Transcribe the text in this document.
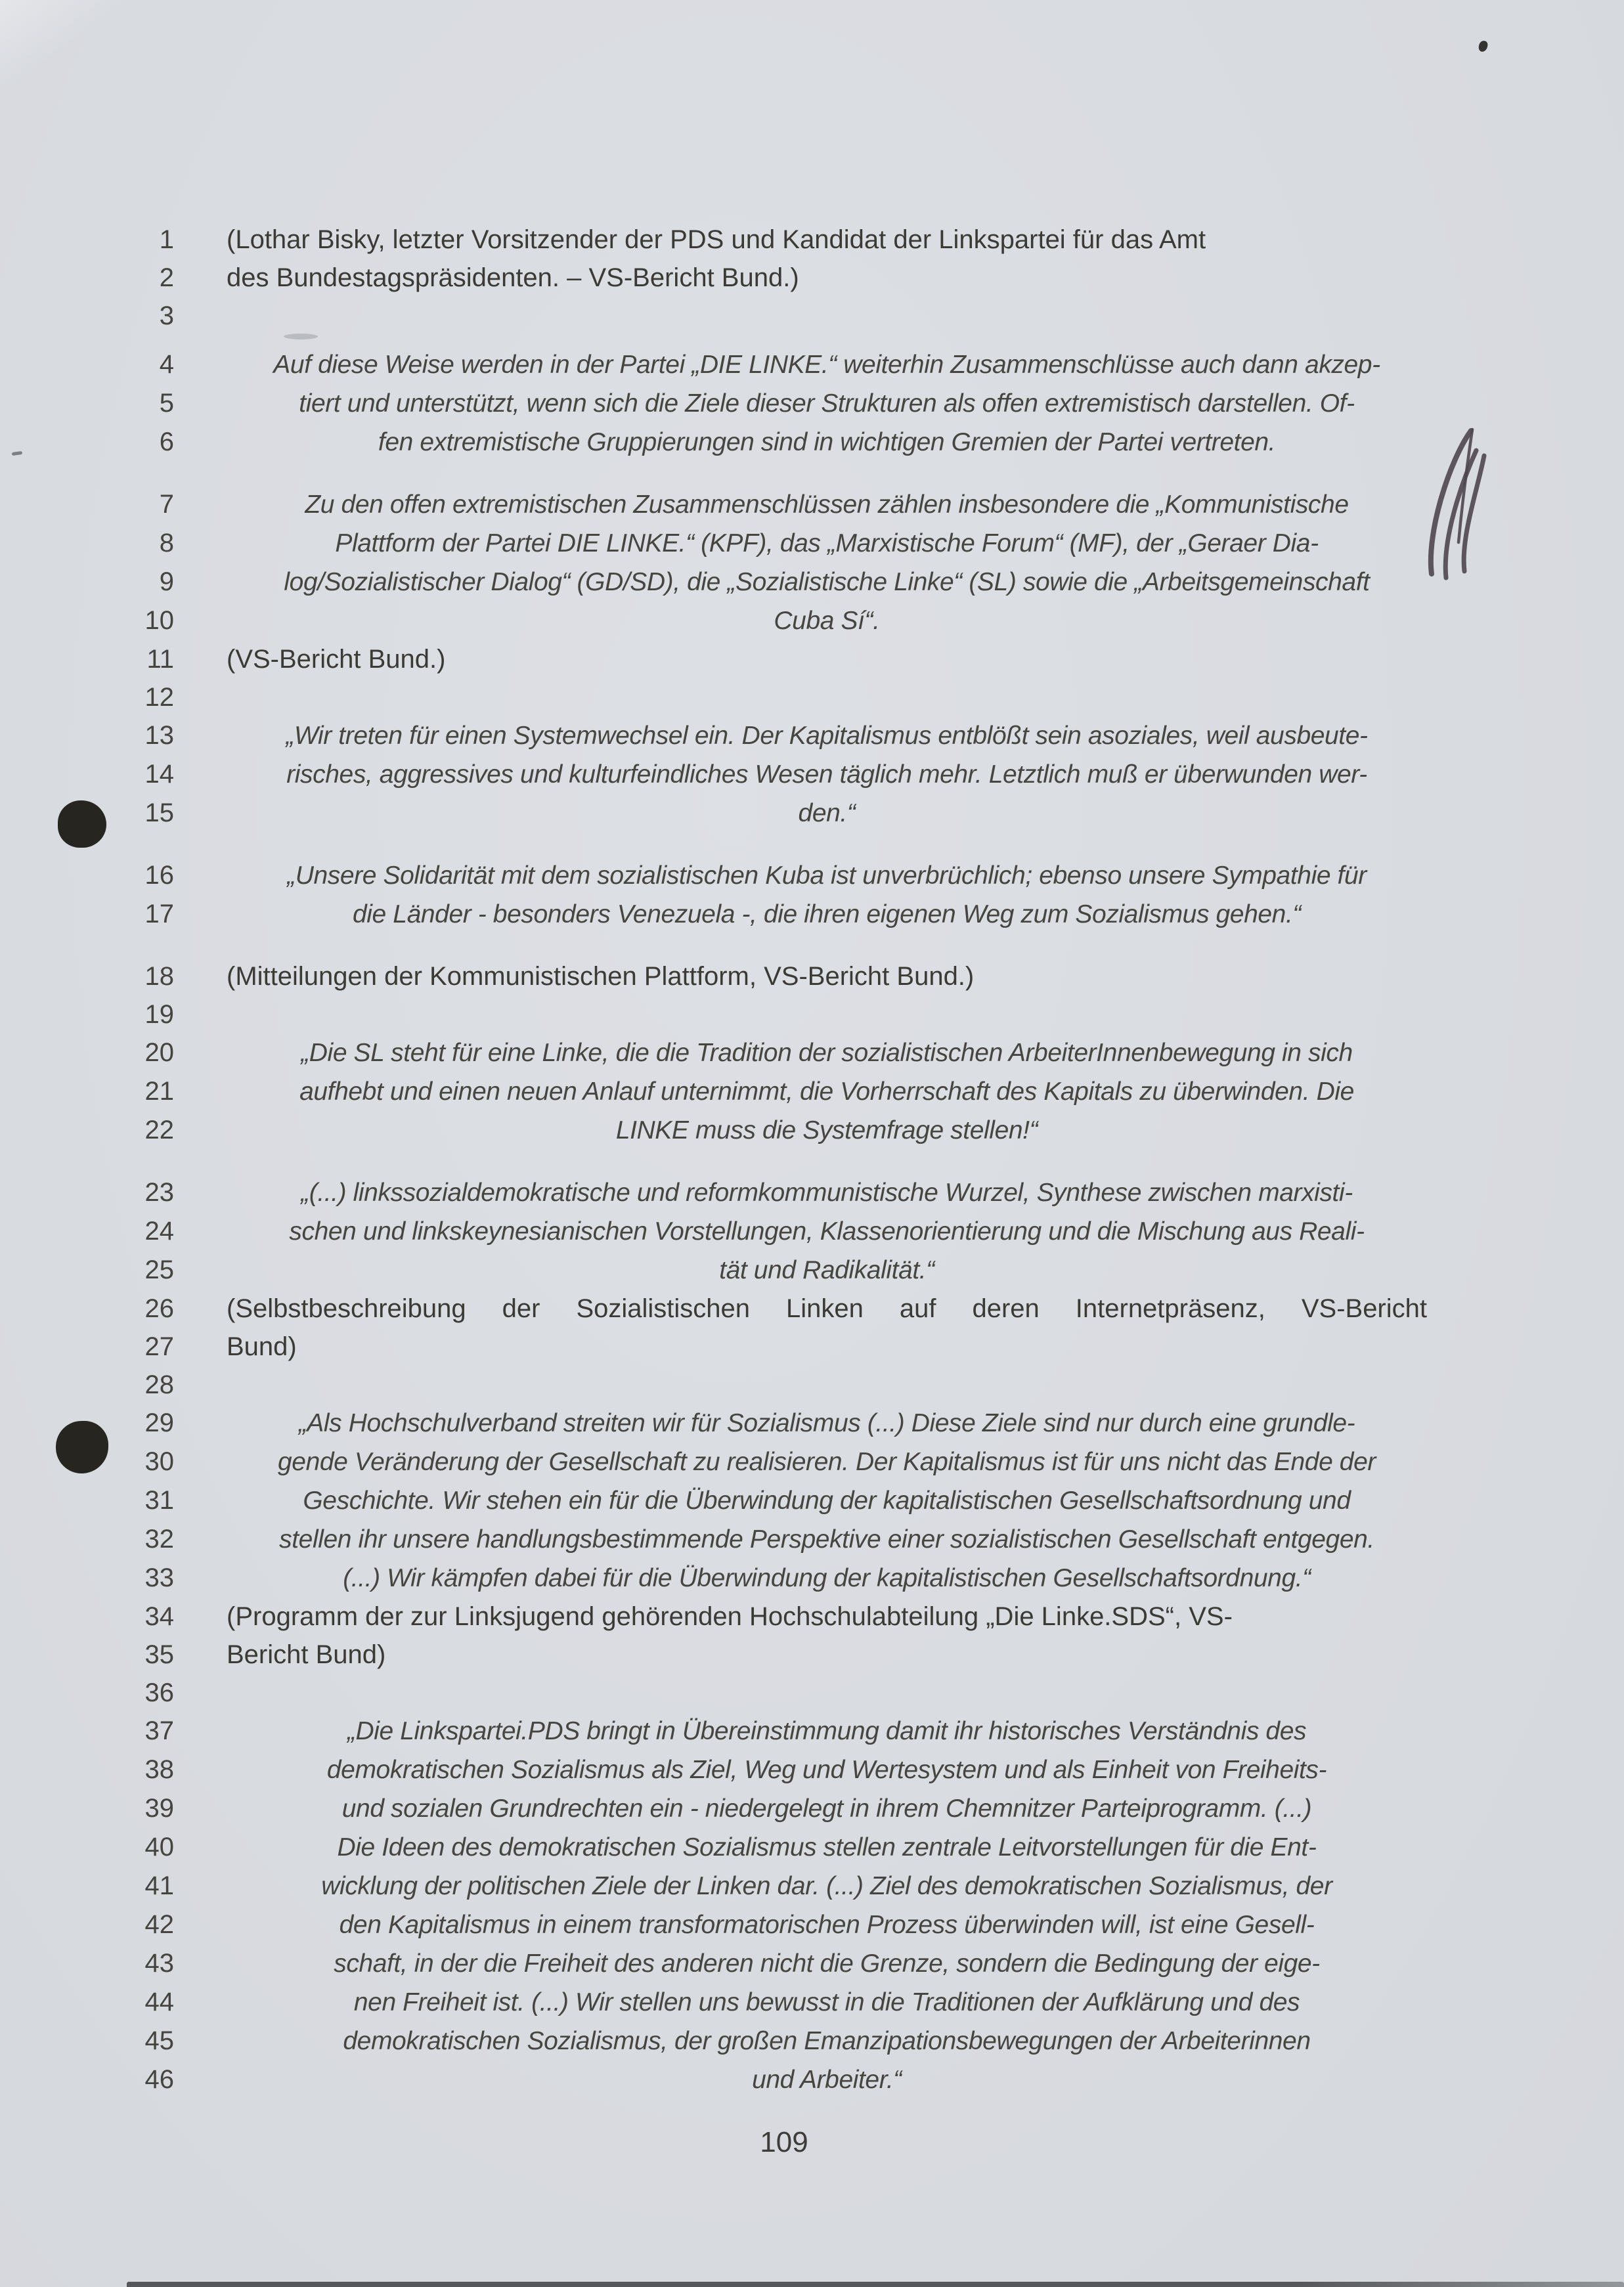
1 (Lothar Bisky, letzter Vorsitzender der PDS und Kandidat der Linkspartei für das Amt
2 des Bundestagspräsidenten. – VS-Bericht Bund.)
3
4	Auf diese Weise werden in der Partei „DIE LINKE.“ weiterhin Zusammenschlüsse auch dann akzep-
5	tiert und unterstützt, wenn sich die Ziele dieser Strukturen als offen extremistisch darstellen. Of-
6	fen extremistische Gruppierungen sind in wichtigen Gremien der Partei vertreten.
7	Zu den offen extremistischen Zusammenschlüssen zählen insbesondere die „Kommunistische
8	Plattform der Partei DIE LINKE.“ (KPF), das „Marxistische Forum“ (MF), der „Geraer Dia-
9	log/Sozialistischer Dialog“ (GD/SD), die „Sozialistische Linke“ (SL) sowie die „Arbeitsgemeinschaft
10	Cuba Sí“.
11 (VS-Bericht Bund.)
12
13	„Wir treten für einen Systemwechsel ein. Der Kapitalismus entblößt sein asoziales, weil ausbeute-
14	risches, aggressives und kulturfeindliches Wesen täglich mehr. Letztlich muß er überwunden wer-
15	den.“
16	„Unsere Solidarität mit dem sozialistischen Kuba ist unverbrüchlich; ebenso unsere Sympathie für
17	die Länder - besonders Venezuela -, die ihren eigenen Weg zum Sozialismus gehen.“
18 (Mitteilungen der Kommunistischen Plattform, VS-Bericht Bund.)
19
20	„Die SL steht für eine Linke, die die Tradition der sozialistischen ArbeiterInnenbewegung in sich
21	aufhebt und einen neuen Anlauf unternimmt, die Vorherrschaft des Kapitals zu überwinden. Die
22	LINKE muss die Systemfrage stellen!“
23	„(...) linkssozialdemokratische und reformkommunistische Wurzel, Synthese zwischen marxisti-
24	schen und linkskeynesianischen Vorstellungen, Klassenorientierung und die Mischung aus Reali-
25	tät und Radikalität.“
26 (Selbstbeschreibung der Sozialistischen Linken auf deren Internetpräsenz, VS-Bericht
27 Bund)
28
29	„Als Hochschulverband streiten wir für Sozialismus (...) Diese Ziele sind nur durch eine grundle-
30	gende Veränderung der Gesellschaft zu realisieren. Der Kapitalismus ist für uns nicht das Ende der
31	Geschichte. Wir stehen ein für die Überwindung der kapitalistischen Gesellschaftsordnung und
32	stellen ihr unsere handlungsbestimmende Perspektive einer sozialistischen Gesellschaft entgegen.
33	(...) Wir kämpfen dabei für die Überwindung der kapitalistischen Gesellschaftsordnung.“
34 (Programm der zur Linksjugend gehörenden Hochschulabteilung „Die Linke.SDS“, VS-
35 Bericht Bund)
36
37	„Die Linkspartei.PDS bringt in Übereinstimmung damit ihr historisches Verständnis des
38	demokratischen Sozialismus als Ziel, Weg und Wertesystem und als Einheit von Freiheits-
39	und sozialen Grundrechten ein - niedergelegt in ihrem Chemnitzer Parteiprogramm. (...)
40	Die Ideen des demokratischen Sozialismus stellen zentrale Leitvorstellungen für die Ent-
41	wicklung der politischen Ziele der Linken dar. (...) Ziel des demokratischen Sozialismus, der
42	den Kapitalismus in einem transformatorischen Prozess überwinden will, ist eine Gesell-
43	schaft, in der die Freiheit des anderen nicht die Grenze, sondern die Bedingung der eige-
44	nen Freiheit ist. (...) Wir stellen uns bewusst in die Traditionen der Aufklärung und des
45	demokratischen Sozialismus, der großen Emanzipationsbewegungen der Arbeiterinnen
46	und Arbeiter.“
109
